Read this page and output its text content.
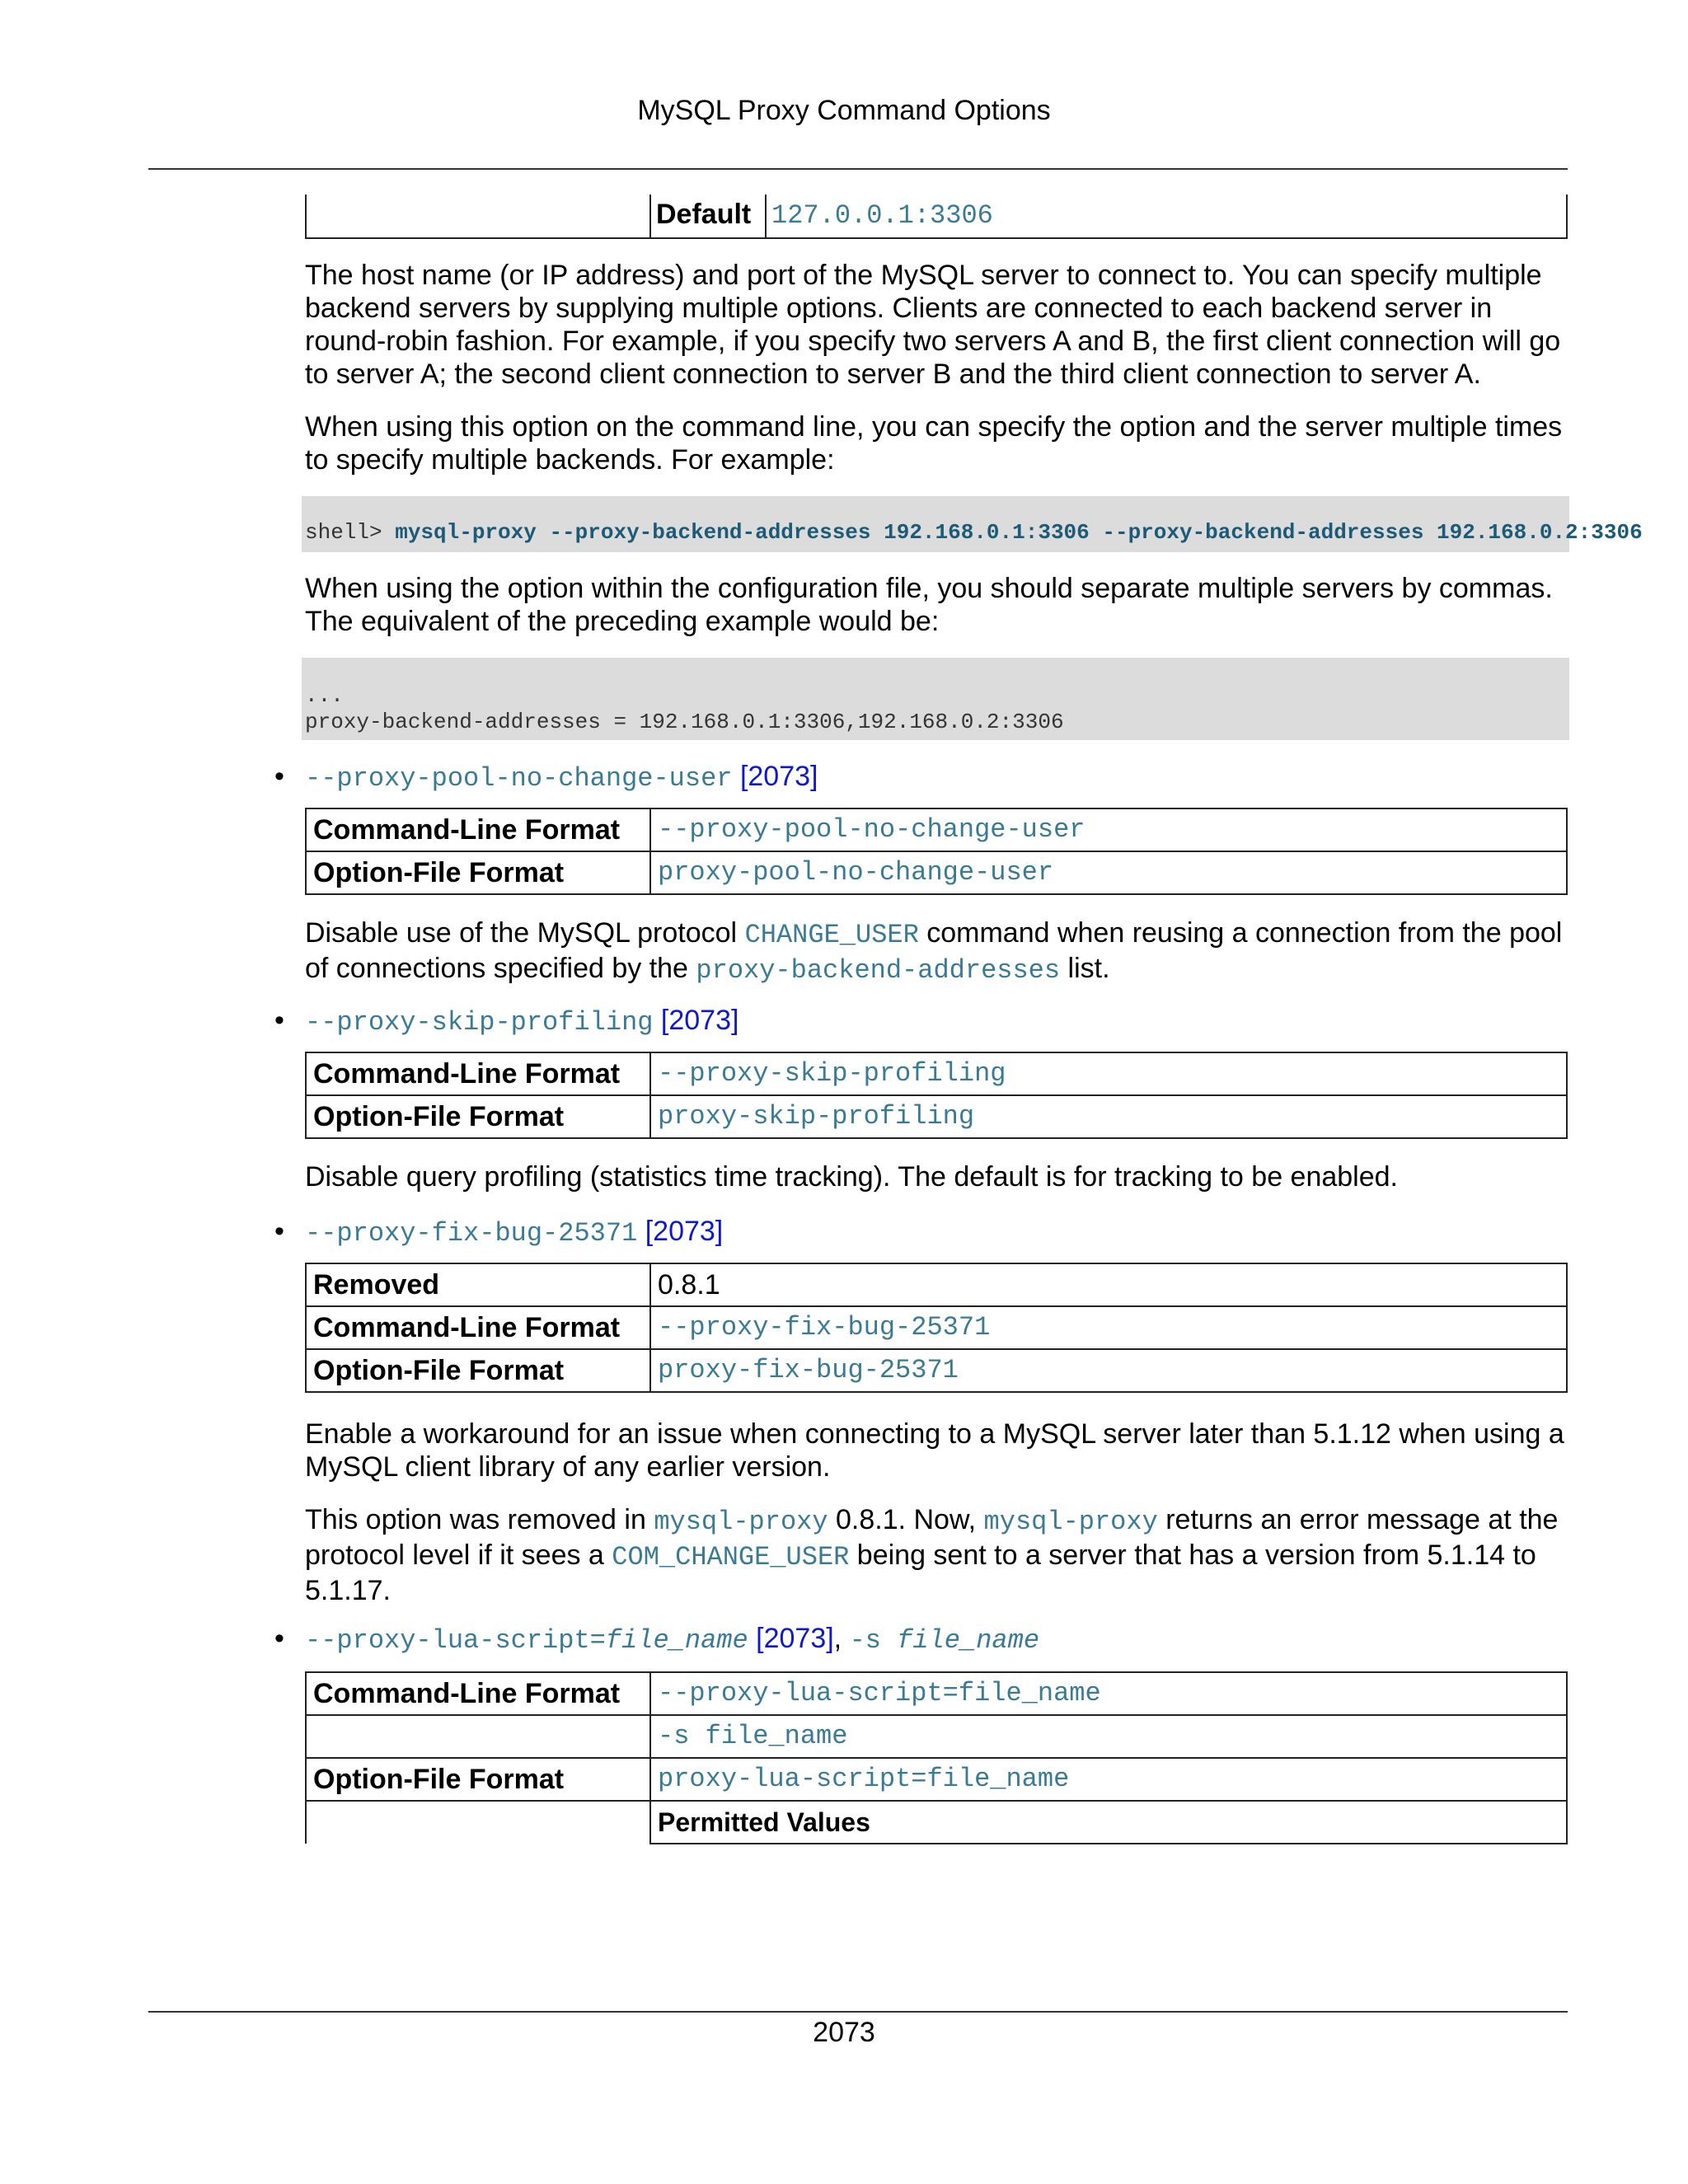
MySQL Proxy Command Options
Default 127.0.0.1:3306

The host name (or IP address) and port of the MySQL server to connect to. You can specify multiple backend servers by supplying multiple options. Clients are connected to each backend server in round-robin fashion. For example, if you specify two servers A and B, the first client connection will go to server A; the second client connection to server B and the third client connection to server A.

When using this option on the command line, you can specify the option and the server multiple times to specify multiple backends. For example:

shell> mysql-proxy --proxy-backend-addresses 192.168.0.1:3306 --proxy-backend-addresses 192.168.0.2:3306

When using the option within the configuration file, you should separate multiple servers by commas. The equivalent of the preceding example would be:

...
proxy-backend-addresses = 192.168.0.1:3306,192.168.0.2:3306
• --proxy-pool-no-change-user [2073]
Command-Line Format	--proxy-pool-no-change-user
Option-File Format	proxy-pool-no-change-user

Disable use of the MySQL protocol CHANGE_USER command when reusing a connection from the pool of connections specified by the proxy-backend-addresses list.

• --proxy-skip-profiling [2073]
Command-Line Format	--proxy-skip-profiling
Option-File Format	proxy-skip-profiling

Disable query profiling (statistics time tracking). The default is for tracking to be enabled.

• --proxy-fix-bug-25371 [2073]
Removed	0.8.1
Command-Line Format	--proxy-fix-bug-25371
Option-File Format	proxy-fix-bug-25371

Enable a workaround for an issue when connecting to a MySQL server later than 5.1.12 when using a MySQL client library of any earlier version.

This option was removed in mysql-proxy 0.8.1. Now, mysql-proxy returns an error message at the protocol level if it sees a COM_CHANGE_USER being sent to a server that has a version from 5.1.14 to 5.1.17.

• --proxy-lua-script=file_name [2073], -s file_name
Command-Line Format	--proxy-lua-script=file_name
	-s file_name
Option-File Format	proxy-lua-script=file_name
	Permitted Values
2073
